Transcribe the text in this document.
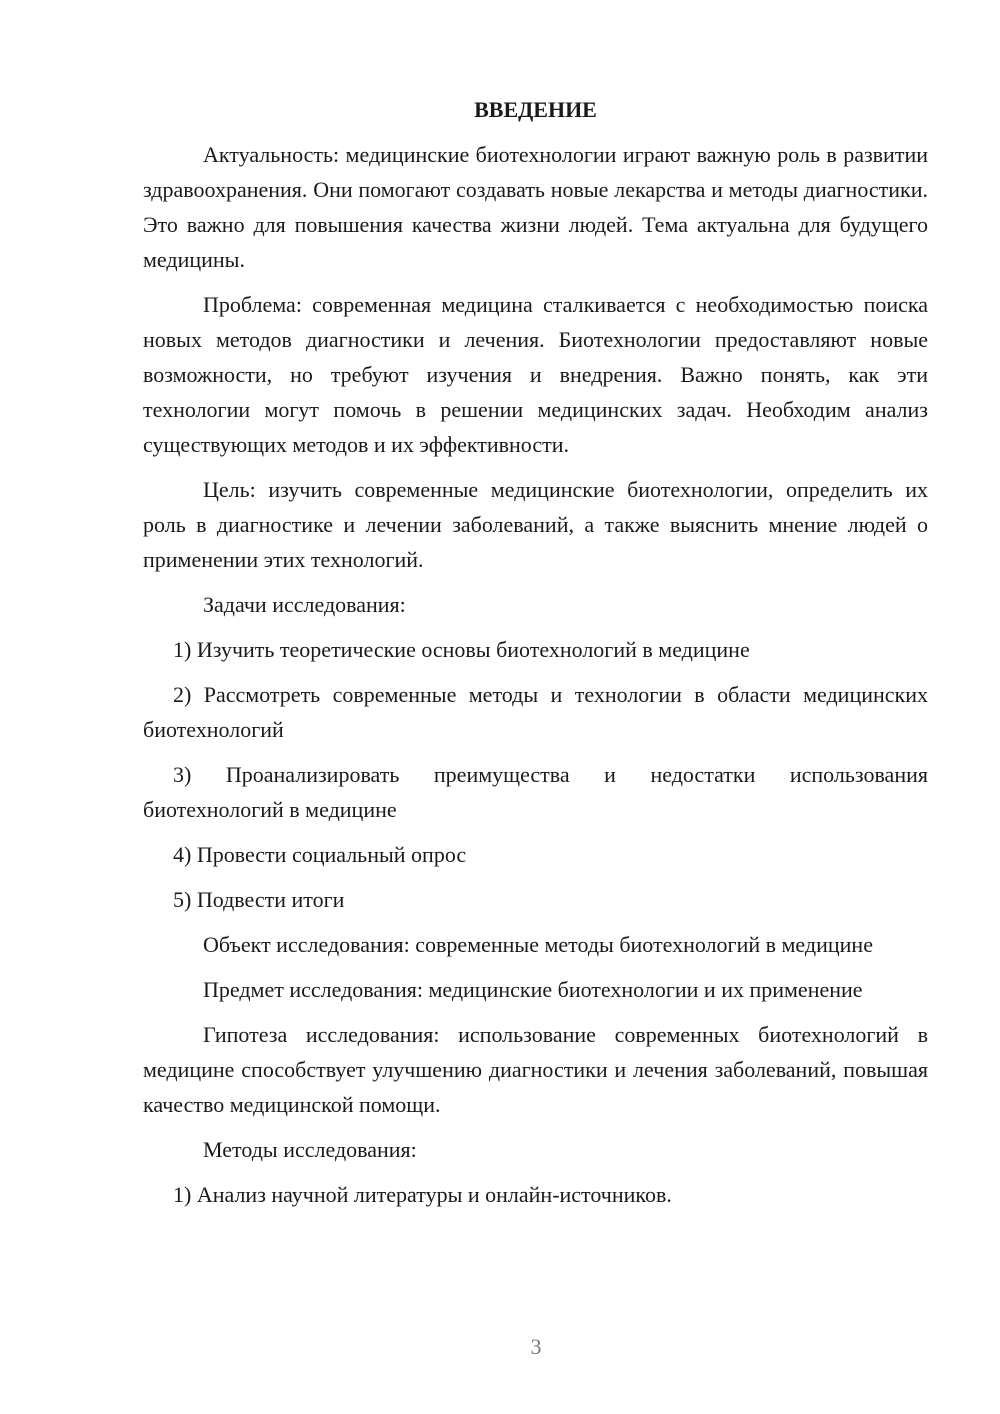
ВВЕДЕНИЕ

Актуальность: медицинские биотехнологии играют важную роль в развитии здравоохранения. Они помогают создавать новые лекарства и методы диагностики. Это важно для повышения качества жизни людей. Тема актуальна для будущего медицины.

Проблема: современная медицина сталкивается с необходимостью поиска новых методов диагностики и лечения. Биотехнологии предоставляют новые возможности, но требуют изучения и внедрения. Важно понять, как эти технологии могут помочь в решении медицинских задач. Необходим анализ существующих методов и их эффективности.

Цель: изучить современные медицинские биотехнологии, определить их роль в диагностике и лечении заболеваний, а также выяснить мнение людей о применении этих технологий.

Задачи исследования:

1) Изучить теоретические основы биотехнологий в медицине

2) Рассмотреть современные методы и технологии в области медицинских биотехнологий

3) Проанализировать преимущества и недостатки использования биотехнологий в медицине

4) Провести социальный опрос

5) Подвести итоги

Объект исследования: современные методы биотехнологий в медицине

Предмет исследования: медицинские биотехнологии и их применение

Гипотеза исследования: использование современных биотехнологий в медицине способствует улучшению диагностики и лечения заболеваний, повышая качество медицинской помощи.

Методы исследования:

1) Анализ научной литературы и онлайн-источников.

3
